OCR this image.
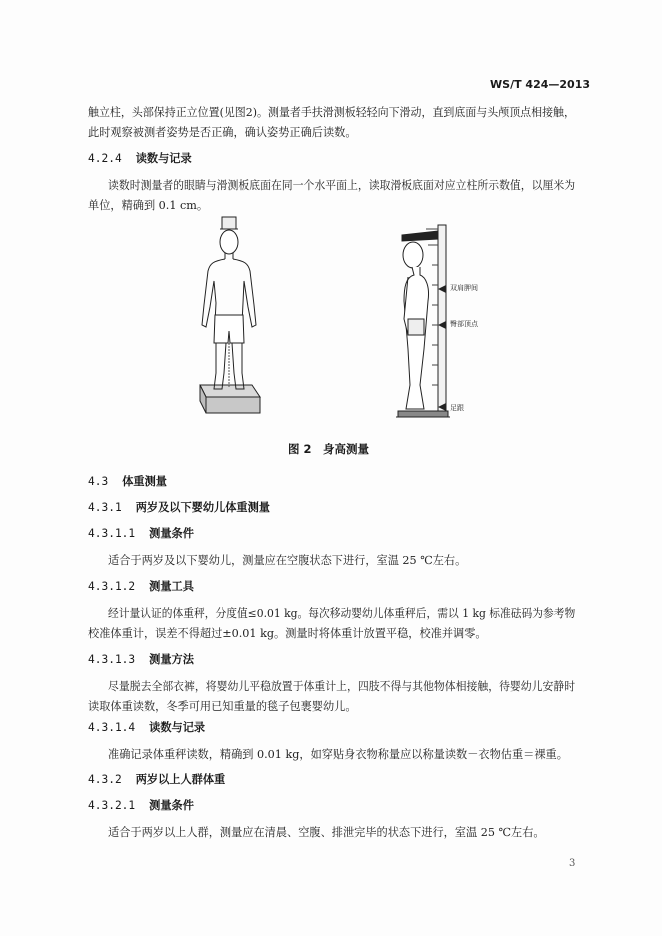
WS/T 424—2013
触立柱，头部保持正立位置(见图2)。测量者手扶滑测板轻轻向下滑动，直到底面与头颅顶点相接触，
此时观察被测者姿势是否正确，确认姿势正确后读数。
4.2.4 读数与记录
读数时测量者的眼睛与滑测板底面在同一个水平面上，读取滑板底面对应立柱所示数值，以厘米为
单位，精确到 0.1 cm。
双肩胛间
臀部顶点
足跟
图 2　身高测量
4.3 体重测量
4.3.1 两岁及以下婴幼儿体重测量
4.3.1.1 测量条件
适合于两岁及以下婴幼儿，测量应在空腹状态下进行，室温 25 ℃左右。
4.3.1.2 测量工具
经计量认证的体重秤，分度值≤0.01 kg。每次移动婴幼儿体重秤后，需以 1 kg 标准砝码为参考物
校准体重计，误差不得超过±0.01 kg。测量时将体重计放置平稳，校准并调零。
4.3.1.3 测量方法
尽量脱去全部衣裤，将婴幼儿平稳放置于体重计上，四肢不得与其他物体相接触，待婴幼儿安静时
读取体重读数，冬季可用已知重量的毯子包裹婴幼儿。
4.3.1.4 读数与记录
准确记录体重秤读数，精确到 0.01 kg，如穿贴身衣物称量应以称量读数－衣物估重＝裸重。
4.3.2 两岁以上人群体重
4.3.2.1 测量条件
适合于两岁以上人群，测量应在清晨、空腹、排泄完毕的状态下进行，室温 25 ℃左右。
3
